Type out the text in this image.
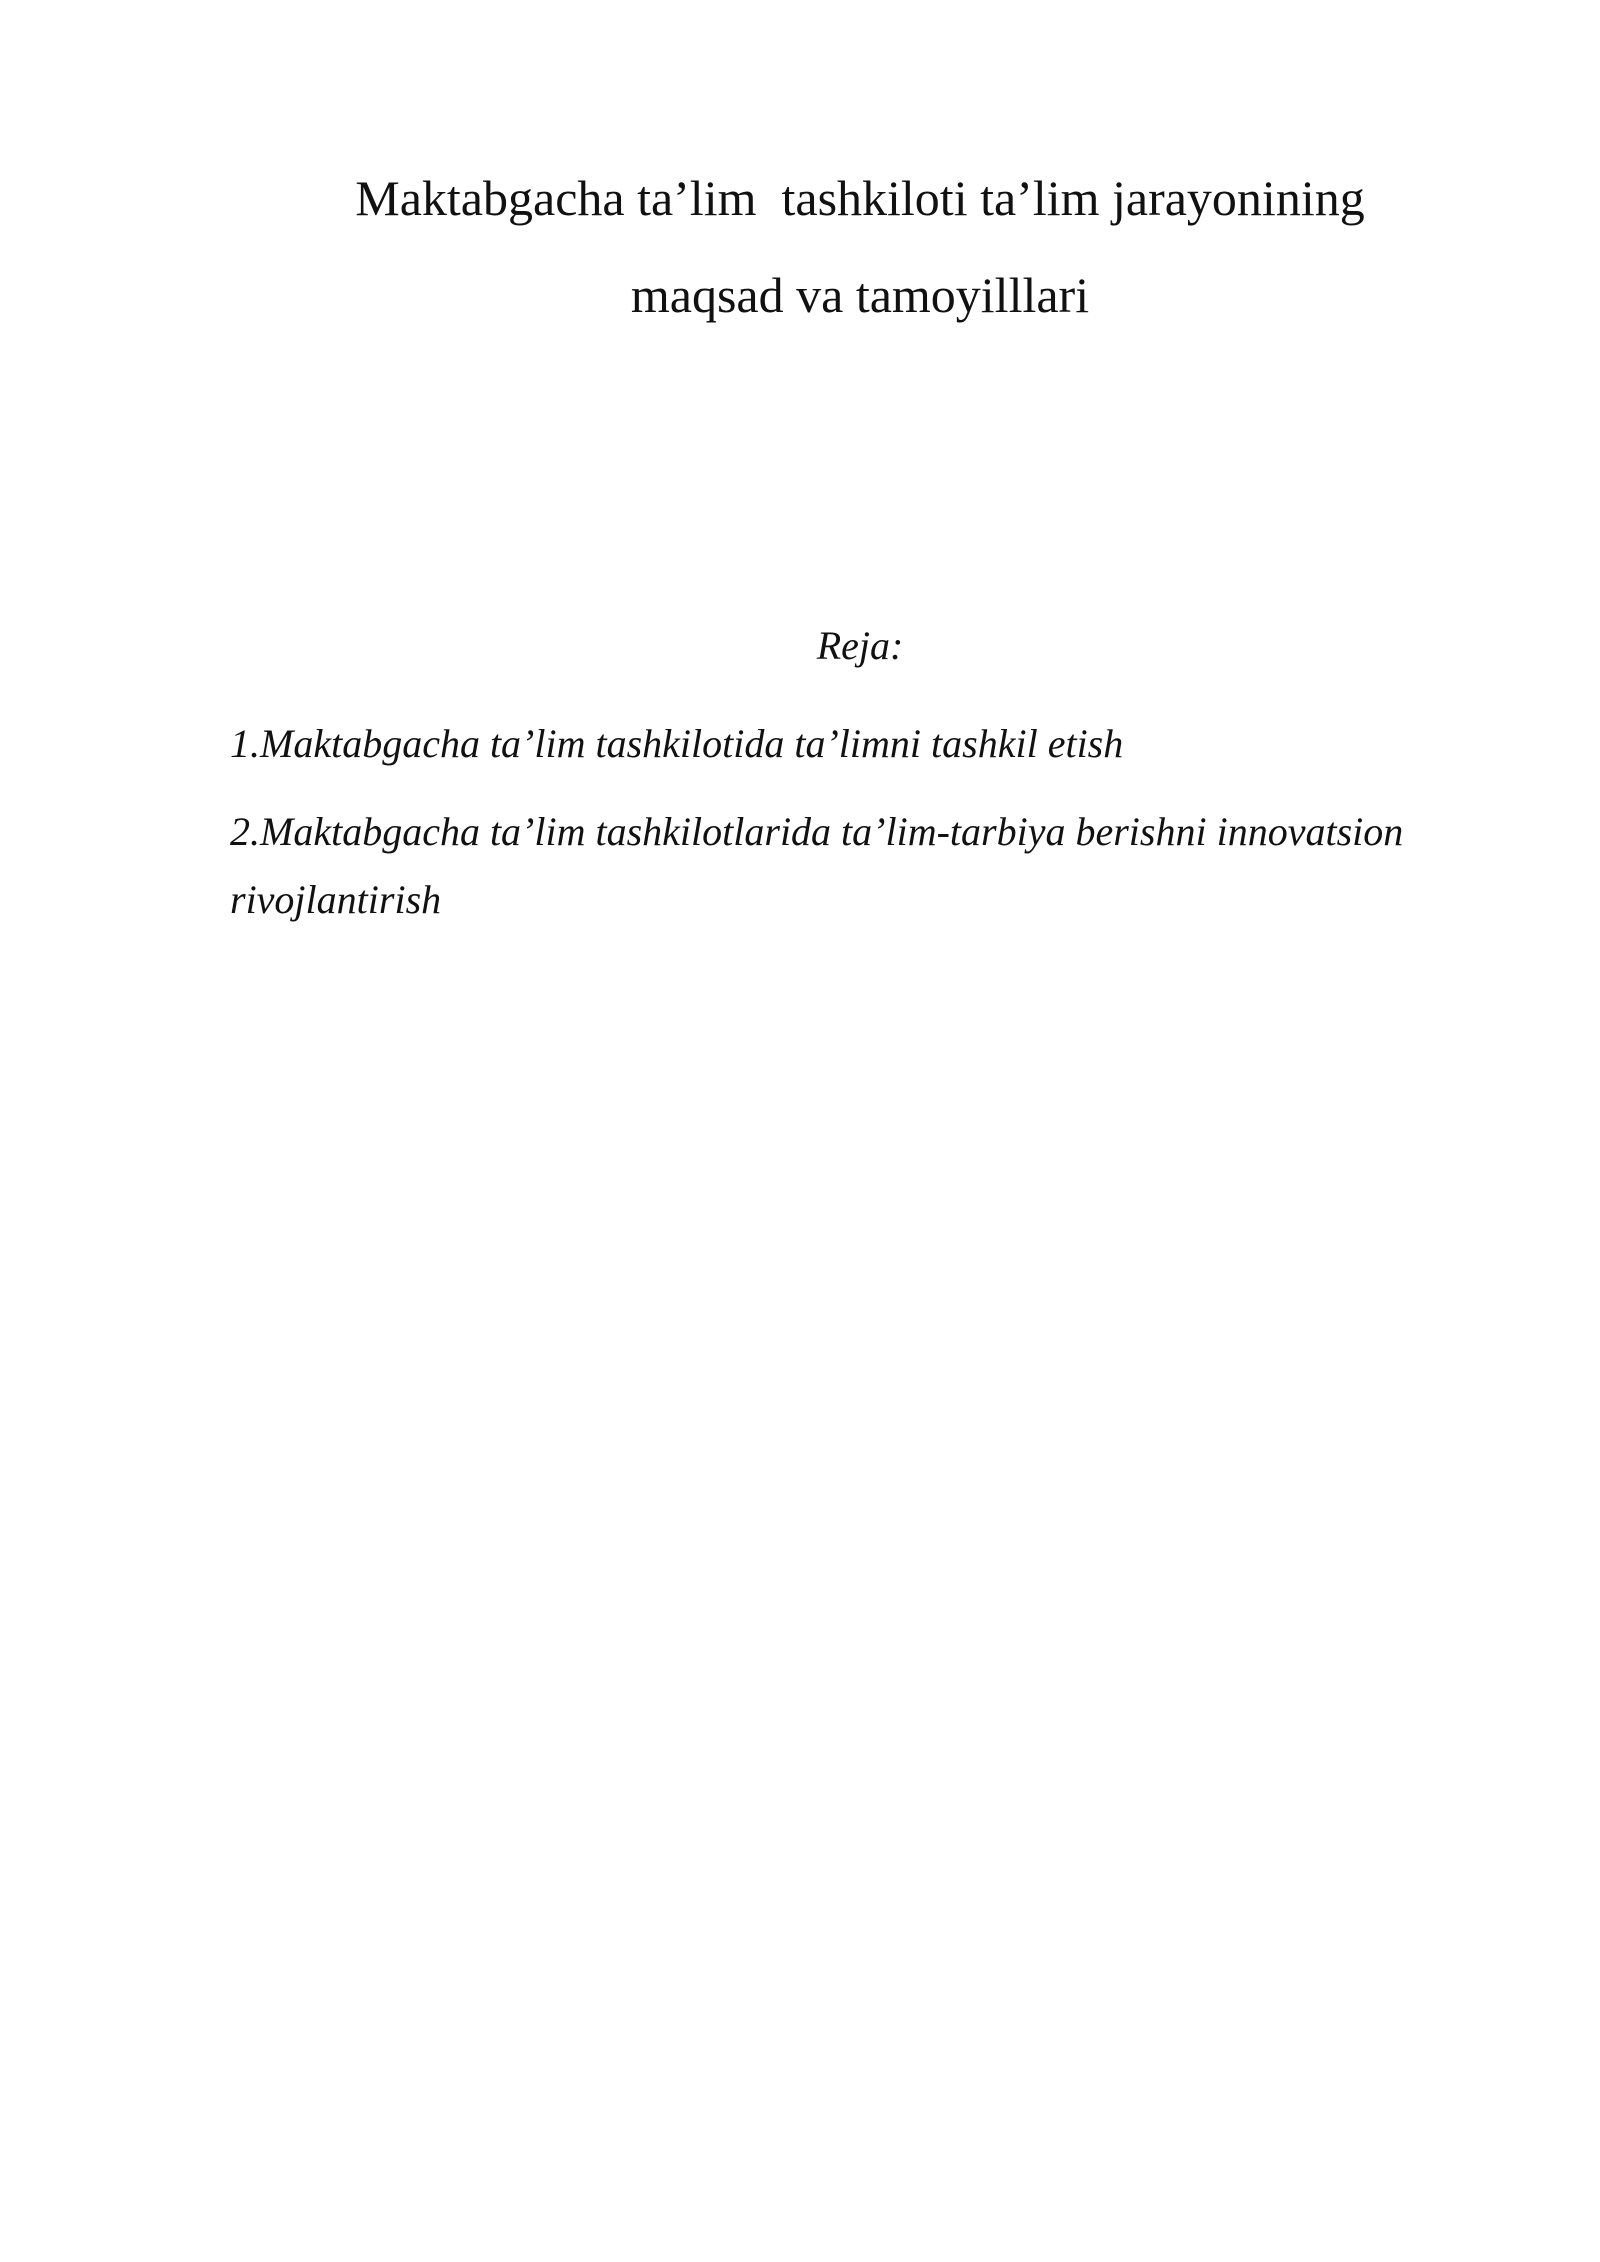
Maktabgacha ta’lim  tashkiloti ta’lim jarayonining
maqsad va tamoyilllari

Reja:

1.Maktabgacha ta’lim tashkilotida ta’limni tashkil etish
2.Maktabgacha ta’lim tashkilotlarida ta’lim-tarbiya berishni innovatsion rivojlantirish
